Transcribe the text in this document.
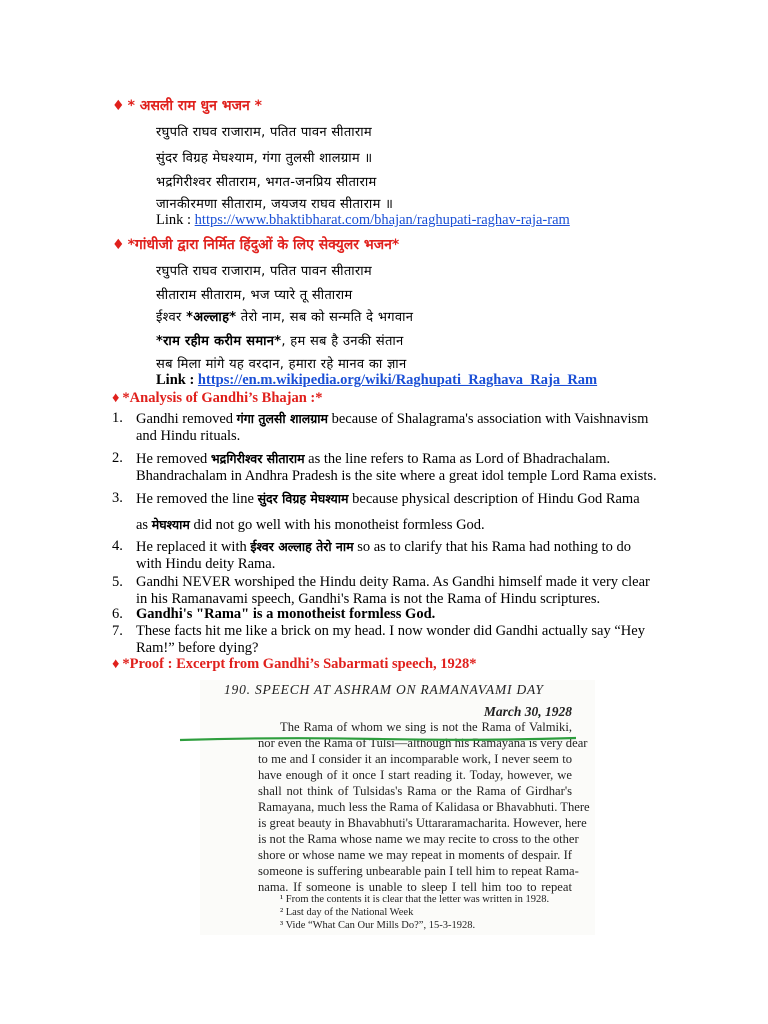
♦ * असली राम धुन भजन *
रघुपति राघव राजाराम, पतित पावन सीताराम
सुंदर विग्रह मेघश्याम, गंगा तुलसी शालग्राम ॥
भद्रगिरीश्वर सीताराम, भगत-जनप्रिय सीताराम
जानकीरमणा सीताराम, जयजय राघव सीताराम ॥
Link : https://www.bhaktibharat.com/bhajan/raghupati-raghav-raja-ram
♦ *गांधीजी द्वारा निर्मित हिंदुओं के लिए सेक्युलर भजन*
रघुपति राघव राजाराम, पतित पावन सीताराम
सीताराम सीताराम, भज प्यारे तू सीताराम
ईश्वर *अल्लाह* तेरो नाम, सब को सन्मति दे भगवान
*राम रहीम करीम समान*, हम सब है उनकी संतान
सब मिला मांगे यह वरदान, हमारा रहे मानव का ज्ञान
Link : https://en.m.wikipedia.org/wiki/Raghupati_Raghava_Raja_Ram
♦ *Analysis of Gandhi’s Bhajan :*
1. Gandhi removed गंगा तुलसी शालग्राम because of Shalagrama's association with Vaishnavism and Hindu rituals.
2. He removed भद्रगिरीश्वर सीताराम as the line refers to Rama as Lord of Bhadrachalam. Bhandrachalam in Andhra Pradesh is the site where a great idol temple Lord Rama exists.
3. He removed the line सुंदर विग्रह मेघश्याम because physical description of Hindu God Rama
as मेघश्याम did not go well with his monotheist formless God.
4. He replaced it with ईश्वर अल्लाह तेरो नाम so as to clarify that his Rama had nothing to do with Hindu deity Rama.
5. Gandhi NEVER worshiped the Hindu deity Rama. As Gandhi himself made it very clear in his Ramanavami speech, Gandhi's Rama is not the Rama of Hindu scriptures.
6. Gandhi's "Rama" is a monotheist formless God.
7. These facts hit me like a brick on my head. I now wonder did Gandhi actually say “Hey Ram!” before dying?
♦ *Proof : Excerpt from Gandhi’s Sabarmati speech, 1928*
190. SPEECH AT ASHRAM ON RAMANAVAMI DAY
March 30, 1928
The Rama of whom we sing is not the Rama of Valmiki,
nor even the Rama of Tulsi—although his Ramayana is very dear
to me and I consider it an incomparable work, I never seem to
have enough of it once I start reading it. Today, however, we
shall not think of Tulsidas's Rama or the Rama of Girdhar's
Ramayana, much less the Rama of Kalidasa or Bhavabhuti. There
is great beauty in Bhavabhuti's Uttararamacharita. However, here
is not the Rama whose name we may recite to cross to the other
shore or whose name we may repeat in moments of despair. If
someone is suffering unbearable pain I tell him to repeat Rama-
nama. If someone is unable to sleep I tell him too to repeat
¹ From the contents it is clear that the letter was written in 1928.
² Last day of the National Week
³ Vide “What Can Our Mills Do?”, 15-3-1928.
